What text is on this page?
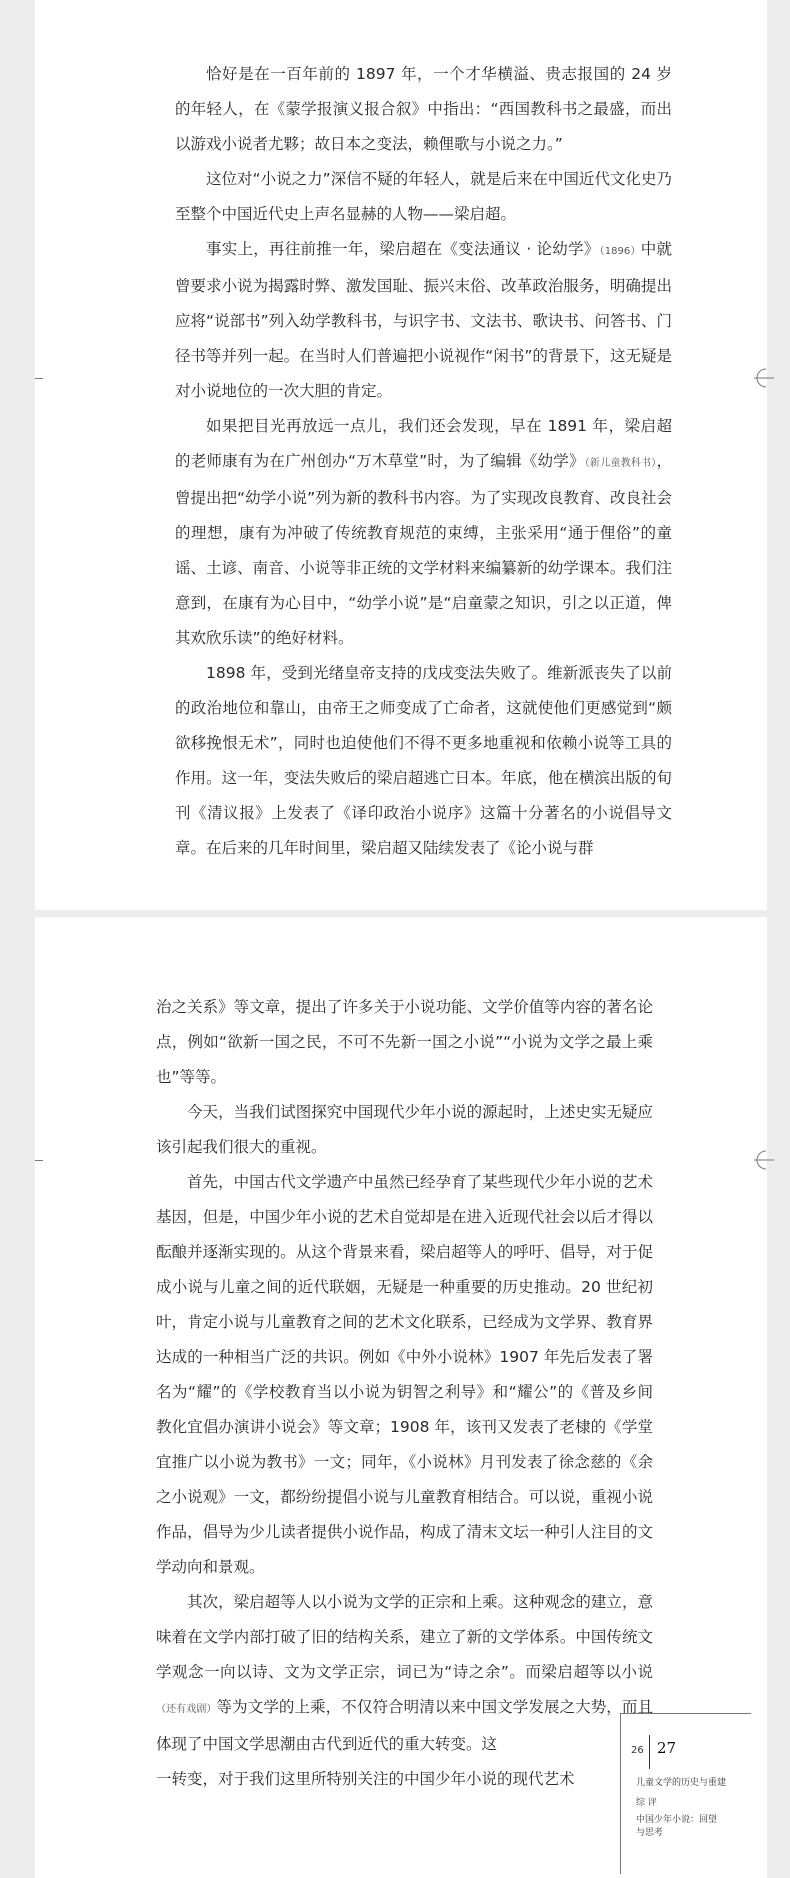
恰好是在一百年前的 1897 年，一个才华横溢、贵志报国的 24 岁的年轻人，在《蒙学报演义报合叙》中指出：“西国教科书之最盛，而出以游戏小说者尤夥；故日本之变法，赖俚歌与小说之力。”

这位对“小说之力”深信不疑的年轻人，就是后来在中国近代文化史乃至整个中国近代史上声名显赫的人物——梁启超。

事实上，再往前推一年，梁启超在《变法通议 · 论幼学》（1896）中就曾要求小说为揭露时弊、激发国耻、振兴末俗、改革政治服务，明确提出应将“说部书”列入幼学教科书，与识字书、文法书、歌诀书、问答书、门径书等并列一起。在当时人们普遍把小说视作“闲书”的背景下，这无疑是对小说地位的一次大胆的肯定。

如果把目光再放远一点儿，我们还会发现，早在 1891 年，梁启超的老师康有为在广州创办“万木草堂”时，为了编辑《幼学》（新儿童教科书），曾提出把“幼学小说”列为新的教科书内容。为了实现改良教育、改良社会的理想，康有为冲破了传统教育规范的束缚，主张采用“通于俚俗”的童谣、土谚、南音、小说等非正统的文学材料来编纂新的幼学课本。我们注意到，在康有为心目中，“幼学小说”是“启童蒙之知识，引之以正道，俾其欢欣乐读”的绝好材料。

1898 年，受到光绪皇帝支持的戊戌变法失败了。维新派丧失了以前的政治地位和靠山，由帝王之师变成了亡命者，这就使他们更感觉到“颇欲移挽恨无术”，同时也迫使他们不得不更多地重视和依赖小说等工具的作用。这一年，变法失败后的梁启超逃亡日本。年底，他在横滨出版的旬刊《清议报》上发表了《译印政治小说序》这篇十分著名的小说倡导文章。在后来的几年时间里，梁启超又陆续发表了《论小说与群

治之关系》等文章，提出了许多关于小说功能、文学价值等内容的著名论点，例如“欲新一国之民，不可不先新一国之小说”“小说为文学之最上乘也”等等。

今天，当我们试图探究中国现代少年小说的源起时，上述史实无疑应该引起我们很大的重视。

首先，中国古代文学遗产中虽然已经孕育了某些现代少年小说的艺术基因，但是，中国少年小说的艺术自觉却是在进入近现代社会以后才得以酝酿并逐渐实现的。从这个背景来看，梁启超等人的呼吁、倡导，对于促成小说与儿童之间的近代联姻，无疑是一种重要的历史推动。20 世纪初叶，肯定小说与儿童教育之间的艺术文化联系，已经成为文学界、教育界达成的一种相当广泛的共识。例如《中外小说林》1907 年先后发表了署名为“耀”的《学校教育当以小说为钥智之利导》和“耀公”的《普及乡间教化宜倡办演讲小说会》等文章；1908 年，该刊又发表了老棣的《学堂宜推广以小说为教书》一文；同年，《小说林》月刊发表了徐念慈的《余之小说观》一文，都纷纷提倡小说与儿童教育相结合。可以说，重视小说作品，倡导为少儿读者提供小说作品，构成了清末文坛一种引人注目的文学动向和景观。

其次，梁启超等人以小说为文学的正宗和上乘。这种观念的建立，意味着在文学内部打破了旧的结构关系，建立了新的文学体系。中国传统文学观念一向以诗、文为文学正宗，词已为“诗之余”。而梁启超等以小说（还有戏剧）等为文学的上乘，不仅符合明清以来中国文学发展之大势，而且体现了中国文学思潮由古代到近代的重大转变。这

一转变，对于我们这里所特别关注的中国少年小说的现代艺术

26 27
儿童文学的历史与重建
综 评
中国少年小说：回望
与思考
